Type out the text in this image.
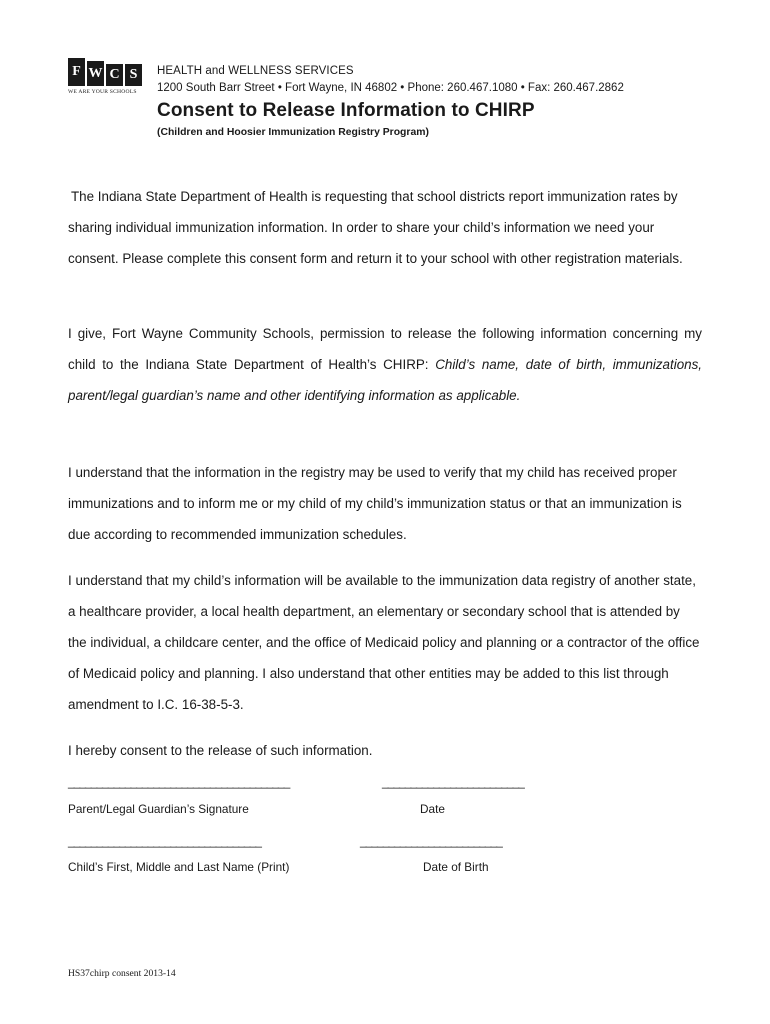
F W C S
WE ARE YOUR SCHOOLS
HEALTH and WELLNESS SERVICES
1200 South Barr Street • Fort Wayne, IN 46802 • Phone: 260.467.1080 • Fax: 260.467.2862
Consent to Release Information to CHIRP
(Children and Hoosier Immunization Registry Program)

The Indiana State Department of Health is requesting that school districts report immunization rates by sharing individual immunization information. In order to share your child’s information we need your consent. Please complete this consent form and return it to your school with other registration materials.

I give, Fort Wayne Community Schools, permission to release the following information concerning my child to the Indiana State Department of Health’s CHIRP: Child’s name, date of birth, immunizations, parent/legal guardian’s name and other identifying information as applicable.

I understand that the information in the registry may be used to verify that my child has received proper immunizations and to inform me or my child of my child’s immunization status or that an immunization is due according to recommended immunization schedules.

I understand that my child’s information will be available to the immunization data registry of another state, a healthcare provider, a local health department, an elementary or secondary school that is attended by the individual, a childcare center, and the office of Medicaid policy and planning or a contractor of the office of Medicaid policy and planning. I also understand that other entities may be added to this list through amendment to I.C. 16-38-5-3.

I hereby consent to the release of such information.

_______________________________________	_________________________
Parent/Legal Guardian’s Signature	Date
__________________________________	_________________________
Child’s First, Middle and Last Name (Print)	Date of Birth
HS37chirp consent 2013-14
